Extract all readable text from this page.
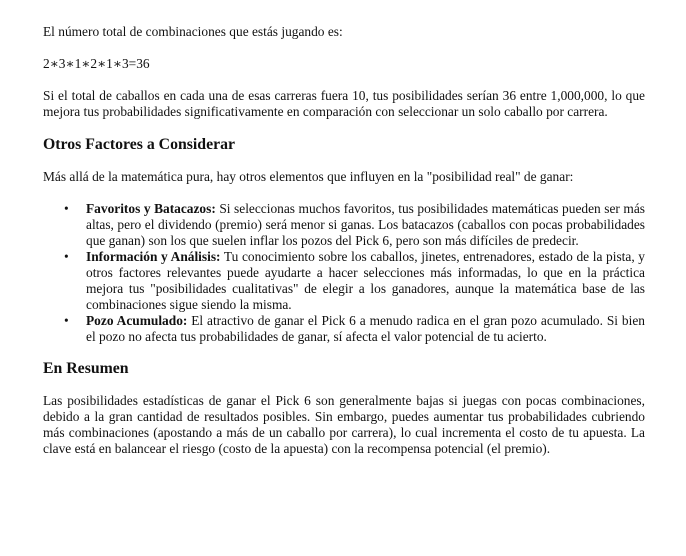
El número total de combinaciones que estás jugando es:

2∗3∗1∗2∗1∗3=36

Si el total de caballos en cada una de esas carreras fuera 10, tus posibilidades serían 36 entre 1,000,000, lo que mejora tus probabilidades significativamente en comparación con seleccionar un solo caballo por carrera.

Otros Factores a Considerar

Más allá de la matemática pura, hay otros elementos que influyen en la "posibilidad real" de ganar:

• Favoritos y Batacazos: Si seleccionas muchos favoritos, tus posibilidades matemáticas pueden ser más altas, pero el dividendo (premio) será menor si ganas. Los batacazos (caballos con pocas probabilidades que ganan) son los que suelen inflar los pozos del Pick 6, pero son más difíciles de predecir.
• Información y Análisis: Tu conocimiento sobre los caballos, jinetes, entrenadores, estado de la pista, y otros factores relevantes puede ayudarte a hacer selecciones más informadas, lo que en la práctica mejora tus "posibilidades cualitativas" de elegir a los ganadores, aunque la matemática base de las combinaciones sigue siendo la misma.
• Pozo Acumulado: El atractivo de ganar el Pick 6 a menudo radica en el gran pozo acumulado. Si bien el pozo no afecta tus probabilidades de ganar, sí afecta el valor potencial de tu acierto.
En Resumen

Las posibilidades estadísticas de ganar el Pick 6 son generalmente bajas si juegas con pocas combinaciones, debido a la gran cantidad de resultados posibles. Sin embargo, puedes aumentar tus probabilidades cubriendo más combinaciones (apostando a más de un caballo por carrera), lo cual incrementa el costo de tu apuesta. La clave está en balancear el riesgo (costo de la apuesta) con la recompensa potencial (el premio).
